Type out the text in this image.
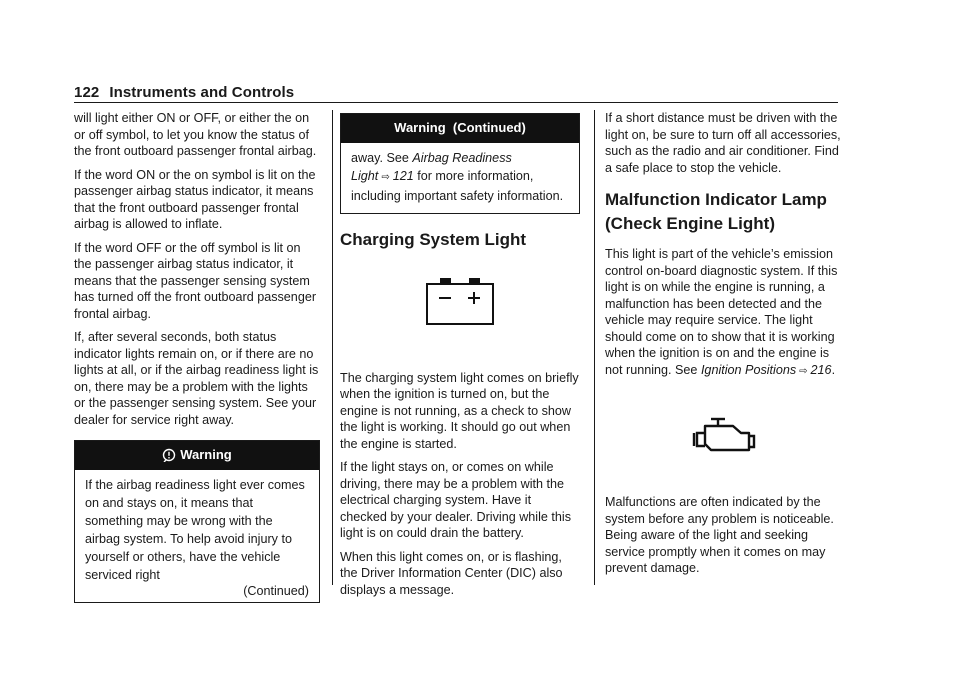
122 Instruments and Controls

will light either ON or OFF, or either the on or off symbol, to let you know the status of the front outboard passenger frontal airbag.

If the word ON or the on symbol is lit on the passenger airbag status indicator, it means that the front outboard passenger frontal airbag is allowed to inflate.

If the word OFF or the off symbol is lit on the passenger airbag status indicator, it means that the passenger sensing system has turned off the front outboard passenger frontal airbag.

If, after several seconds, both status indicator lights remain on, or if there are no lights at all, or if the airbag readiness light is on, there may be a problem with the lights or the passenger sensing system. See your dealer for service right away.

Warning
If the airbag readiness light ever comes on and stays on, it means that something may be wrong with the airbag system. To help avoid injury to yourself or others, have the vehicle serviced right
(Continued)
Warning  (Continued)
away. See Airbag Readiness Light ⇨ 121 for more information, including important safety information.
Charging System Light

The charging system light comes on briefly when the ignition is turned on, but the engine is not running, as a check to show the light is working. It should go out when the engine is started.

If the light stays on, or comes on while driving, there may be a problem with the electrical charging system. Have it checked by your dealer. Driving while this light is on could drain the battery.

When this light comes on, or is flashing, the Driver Information Center (DIC) also displays a message.

If a short distance must be driven with the light on, be sure to turn off all accessories, such as the radio and air conditioner. Find a safe place to stop the vehicle.

Malfunction Indicator Lamp
(Check Engine Light)

This light is part of the vehicle’s emission control on-board diagnostic system. If this light is on while the engine is running, a malfunction has been detected and the vehicle may require service. The light should come on to show that it is working when the ignition is on and the engine is not running. See Ignition Positions ⇨ 216.

Malfunctions are often indicated by the system before any problem is noticeable. Being aware of the light and seeking service promptly when it comes on may prevent damage.
